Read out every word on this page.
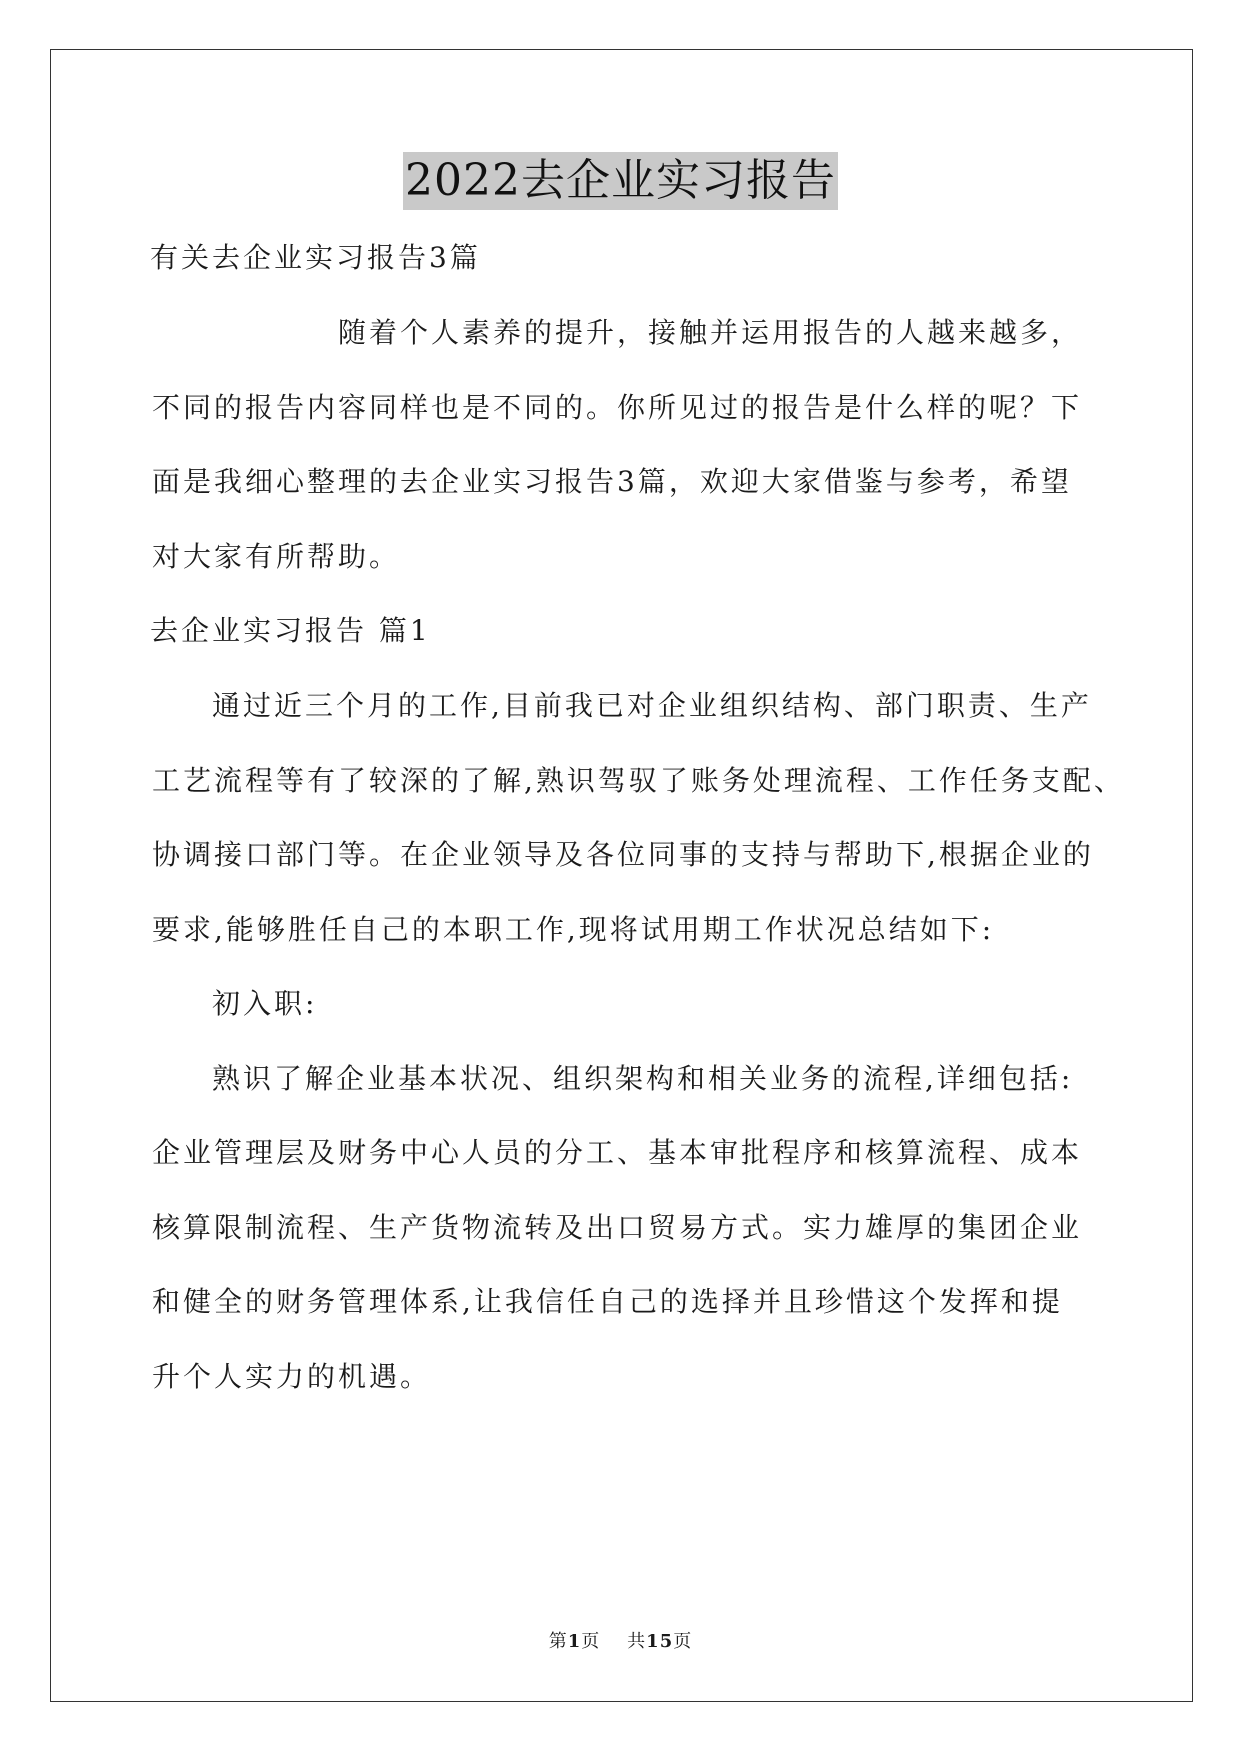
2022去企业实习报告
有关去企业实习报告3篇
随着个人素养的提升，接触并运用报告的人越来越多，
不同的报告内容同样也是不同的。你所见过的报告是什么样的呢？下
面是我细心整理的去企业实习报告3篇，欢迎大家借鉴与参考，希望
对大家有所帮助。
去企业实习报告 篇1
通过近三个月的工作,目前我已对企业组织结构、部门职责、生产
工艺流程等有了较深的了解,熟识驾驭了账务处理流程、工作任务支配、
协调接口部门等。在企业领导及各位同事的支持与帮助下,根据企业的
要求,能够胜任自己的本职工作,现将试用期工作状况总结如下:
初入职:
熟识了解企业基本状况、组织架构和相关业务的流程,详细包括:
企业管理层及财务中心人员的分工、基本审批程序和核算流程、成本
核算限制流程、生产货物流转及出口贸易方式。实力雄厚的集团企业
和健全的财务管理体系,让我信任自己的选择并且珍惜这个发挥和提
升个人实力的机遇。
第1页 共15页
